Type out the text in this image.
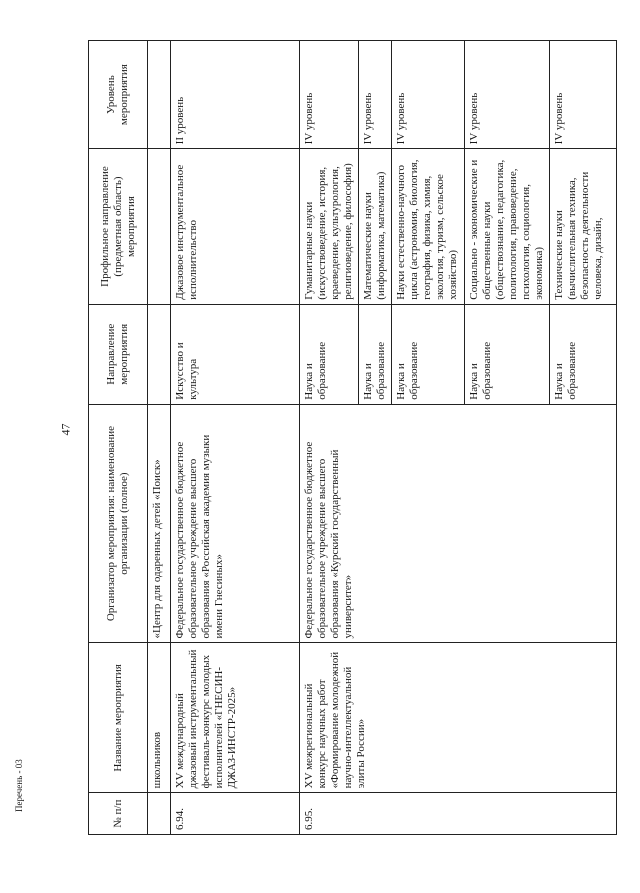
47
Перечень - 03
№ п/п	Название мероприятия	Организатор мероприятия: наименование организации (полное)	Направление мероприятия	Профильное направление (предметная область) мероприятия	Уровень мероприятия
	школьников	«Центр для одаренных детей «Поиск»			
6.94.	XV международный джазовый инструментальный фестиваль-конкурс молодых исполнителей «ГНЕСИН-ДЖАЗ-ИНСТР-2025»	Федеральное государственное бюджетное образовательное учреждение высшего образования «Российская академия музыки имени Гнесиных»	Искусство и культура	Джазовое инструментальное исполнительство	II уровень
6.95.	XV межрегиональный конкурс научных работ «Формирование молодежной научно-интеллектуальной элиты России»	Федеральное государственное бюджетное образовательное учреждение высшего образования «Курский государственный университет»	Наука и образование	Гуманитарные науки (искусствоведение, история, краеведение, культурология, религиоведение, философия)	IV уровень
			Наука и образование	Математические науки (информатика, математика)	IV уровень
			Наука и образование	Науки естественно-научного цикла (астрономия, биология, география, физика, химия, экология, туризм, сельское хозяйство)	IV уровень
			Наука и образование	Социально - экономические и общественные науки (обществознание, педагогика, политология, правоведение, психология, социология, экономика)	IV уровень
			Наука и образование	Технические науки (вычислительная техника, безопасность деятельности человека, дизайн,	IV уровень
